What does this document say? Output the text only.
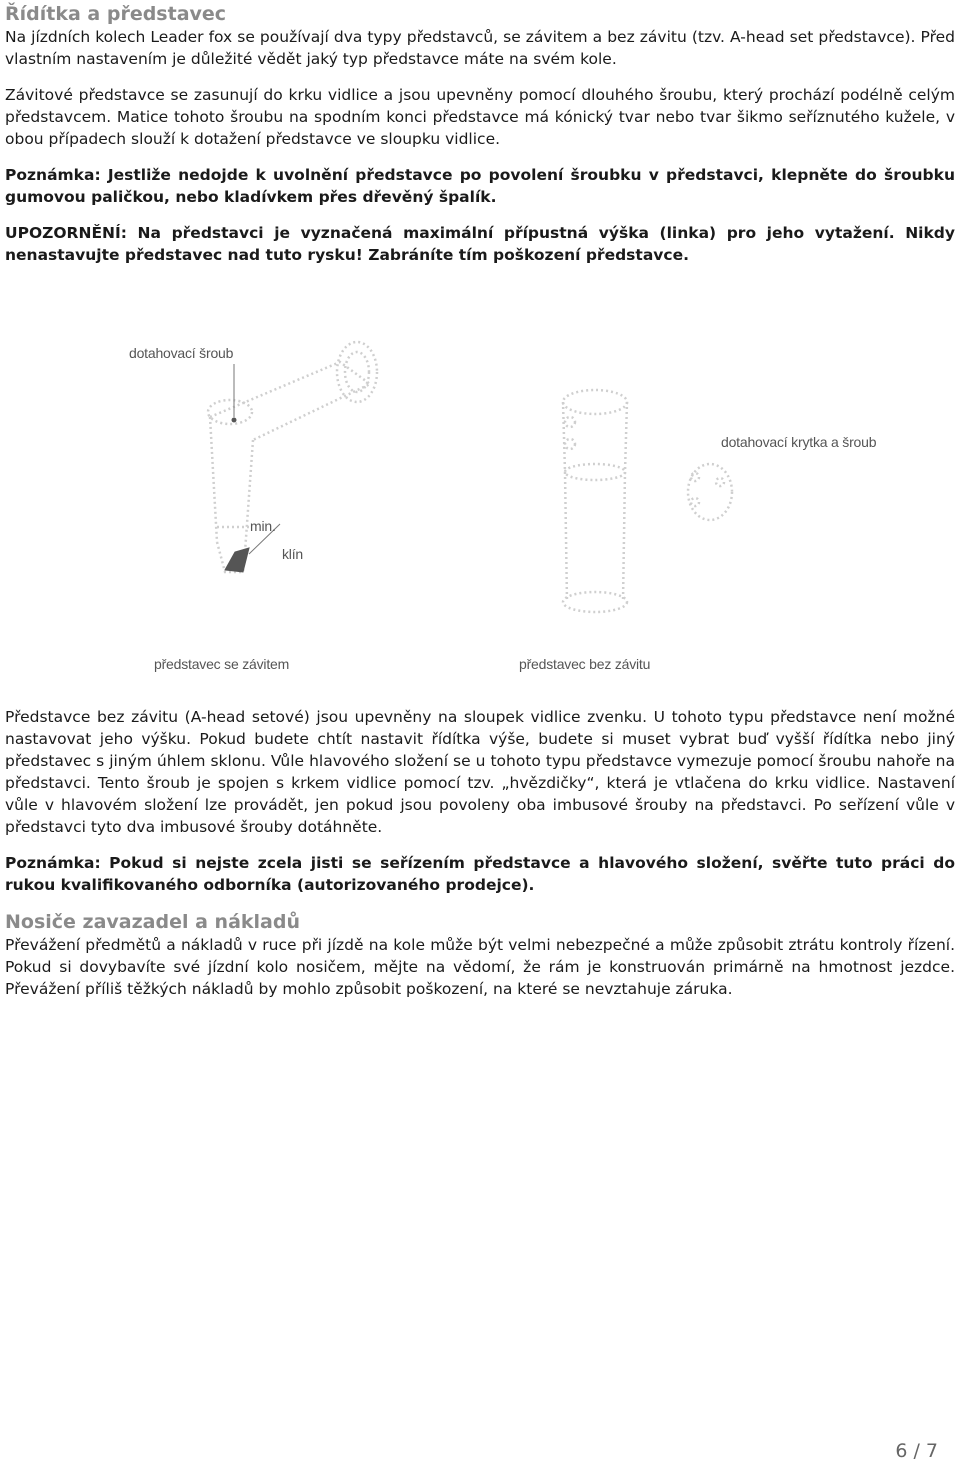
Řídítka a představec

Na jízdních kolech Leader fox se používají dva typy představců, se závitem a bez závitu (tzv. A-head set představce). Před vlastním nastavením je důležité vědět jaký typ představce máte na svém kole.

Závitové představce se zasunují do krku vidlice a jsou upevněny pomocí dlouhého šroubu, který prochází podélně celým představcem. Matice tohoto šroubu na spodním konci představce má kónický tvar nebo tvar šikmo seříznutého kužele, v obou případech slouží k dotažení představce ve sloupku vidlice.

Poznámka: Jestliže nedojde k uvolnění představce po povolení šroubku v představci, klepněte do šroubku gumovou paličkou, nebo kladívkem přes dřevěný špalík.

UPOZORNĚNÍ: Na představci je vyznačená maximální přípustná výška (linka) pro jeho vytažení. Nikdy nenastavujte představec nad tuto rysku! Zabráníte tím poškození představce.

dotahovací šroub
dotahovací krytka a šroub
min.
klín
představec se závitem	představec bez závitu

Představce bez závitu (A-head setové) jsou upevněny na sloupek vidlice zvenku. U tohoto typu představce není možné nastavovat jeho výšku. Pokud budete chtít nastavit řídítka výše, budete si muset vybrat buď vyšší řídítka nebo jiný představec s jiným úhlem sklonu. Vůle hlavového složení se u tohoto typu představce vymezuje pomocí šroubu nahoře na představci. Tento šroub je spojen s krkem vidlice pomocí tzv. „hvězdičky“, která je vtlačena do krku vidlice. Nastavení vůle v hlavovém složení lze provádět, jen pokud jsou povoleny oba imbusové šrouby na představci. Po seřízení vůle v představci tyto dva imbusové šrouby dotáhněte.

Poznámka: Pokud si nejste zcela jisti se seřízením představce a hlavového složení, svěřte tuto práci do rukou kvalifikovaného odborníka (autorizovaného prodejce).

Nosiče zavazadel a nákladů

Převážení předmětů a nákladů v ruce při jízdě na kole může být velmi nebezpečné a může způsobit ztrátu kontroly řízení. Pokud si dovybavíte své jízdní kolo nosičem, mějte na vědomí, že rám je konstruován primárně na hmotnost jezdce. Převážení příliš těžkých nákladů by mohlo způsobit poškození, na které se nevztahuje záruka.

6 / 7
